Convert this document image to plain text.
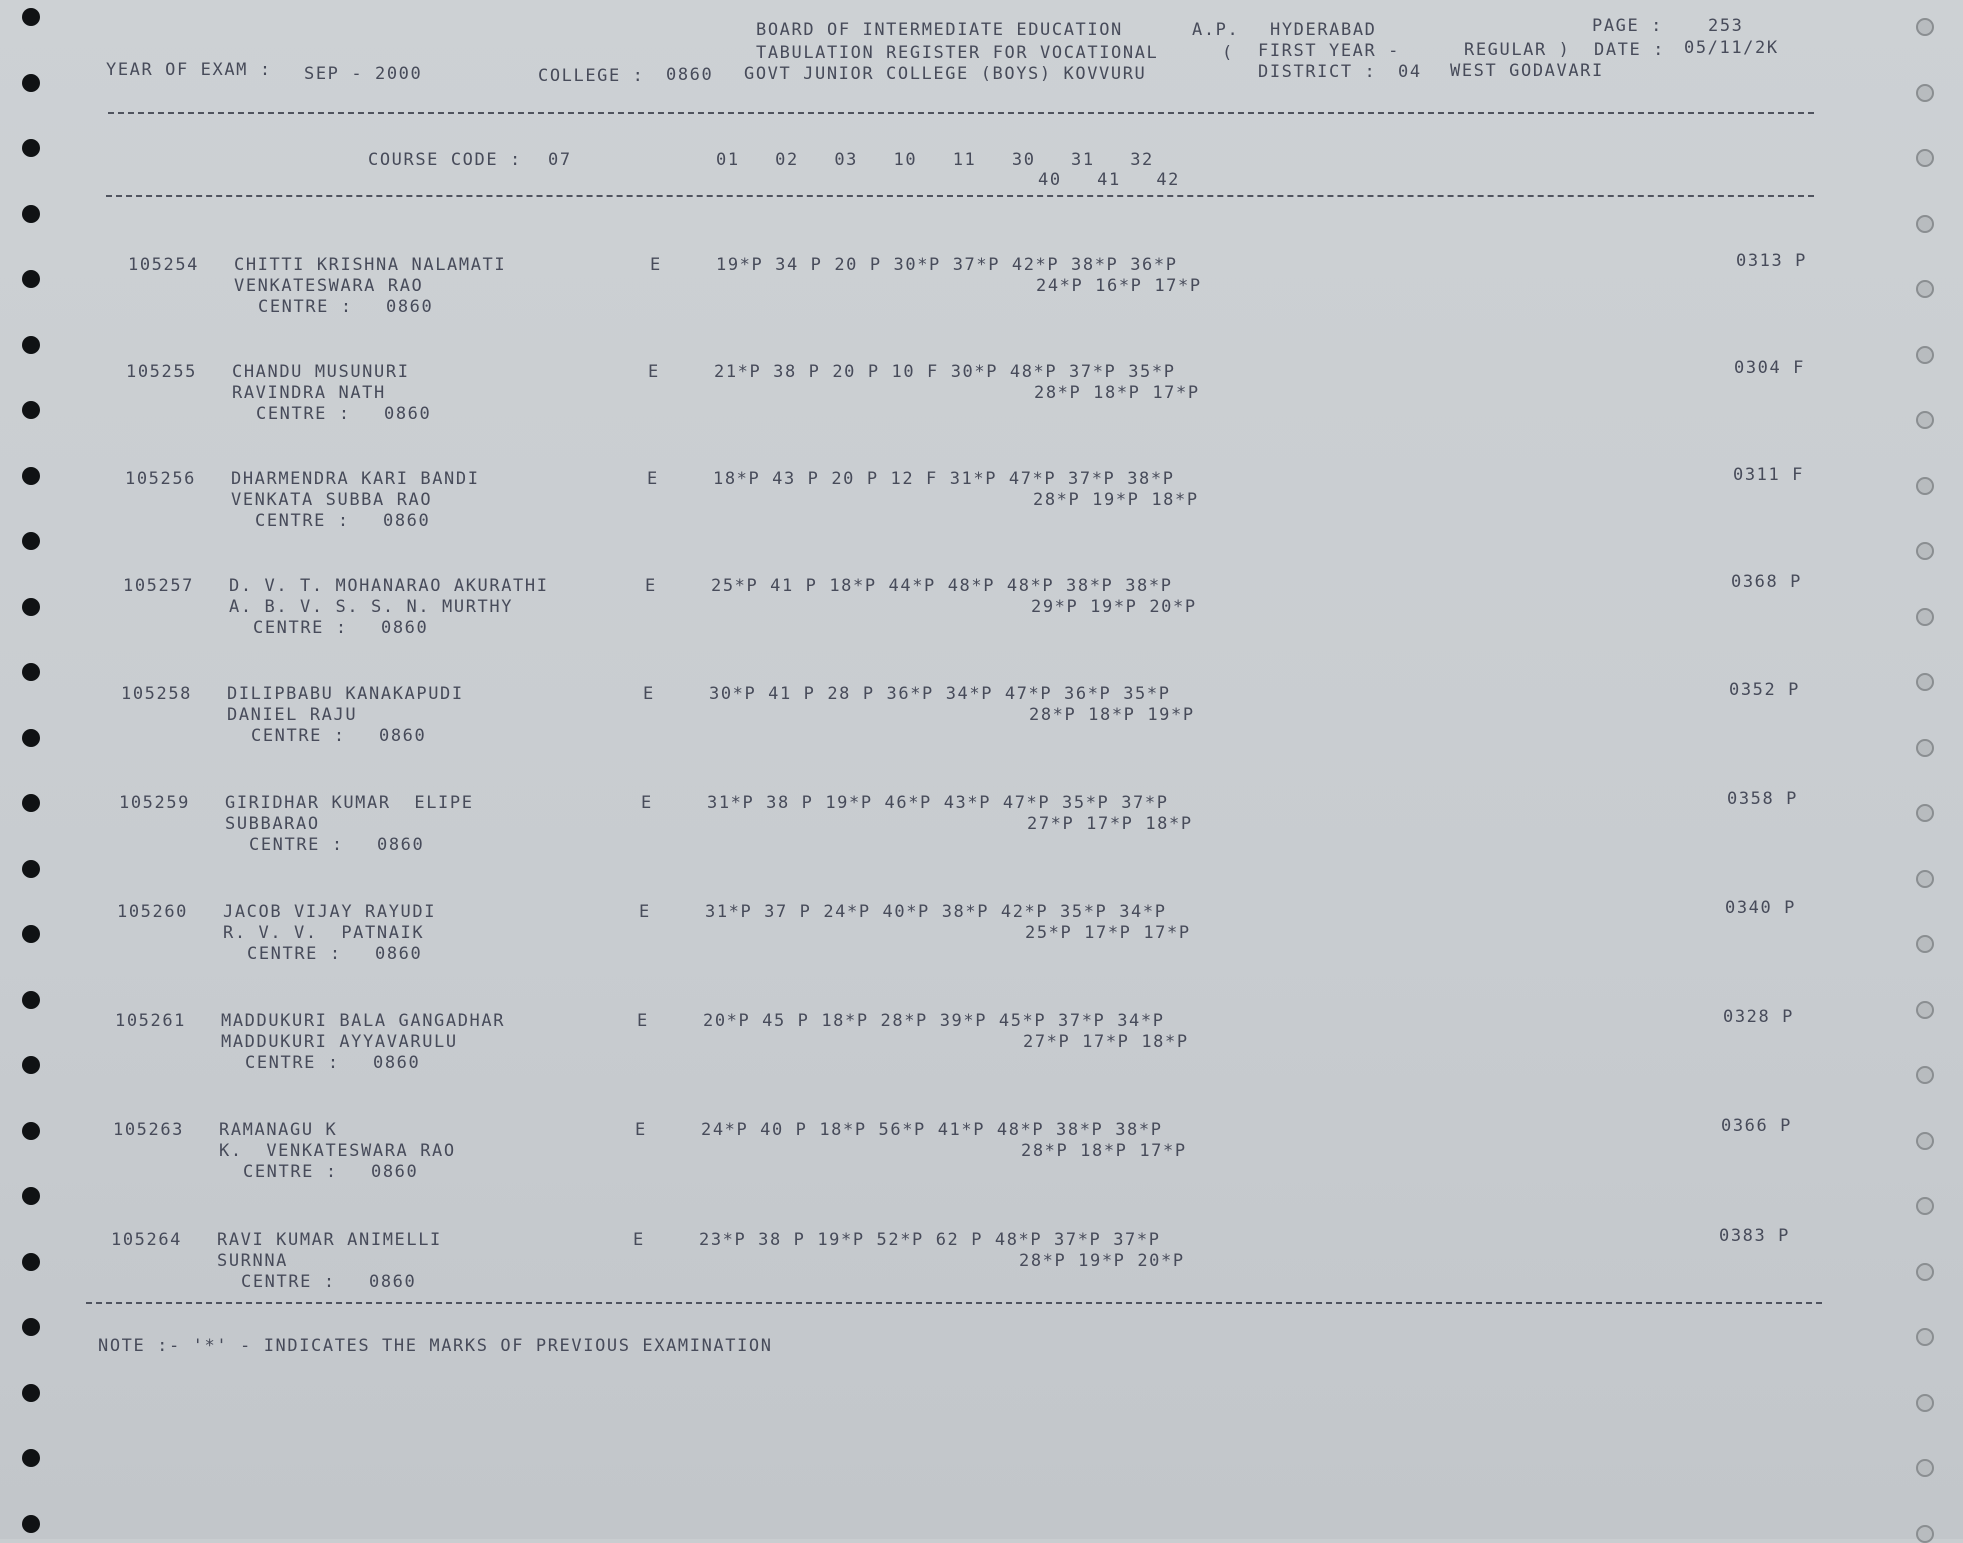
BOARD OF INTERMEDIATE EDUCATION	A.P. HYDERABAD	PAGE :	253
TABULATION REGISTER FOR VOCATIONAL	( FIRST YEAR -	REGULAR ) DATE : 05/11/2K
YEAR OF EXAM : SEP - 2000	COLLEGE : 0860 GOVT JUNIOR COLLEGE (BOYS) KOVVURU	DISTRICT : 04 WEST GODAVARI
COURSE CODE : 07	01   02   03   10   11   30   31   32
40   41   42
105254 CHITTI KRISHNA NALAMATI	E	19*P 34 P 20 P 30*P 37*P 42*P 38*P 36*P	0313 P
VENKATESWARA RAO	24*P 16*P 17*P
CENTRE : 0860
105255 CHANDU MUSUNURI	E	21*P 38 P 20 P 10 F 30*P 48*P 37*P 35*P	0304 F
RAVINDRA NATH	28*P 18*P 17*P
CENTRE : 0860
105256 DHARMENDRA KARI BANDI	E	18*P 43 P 20 P 12 F 31*P 47*P 37*P 38*P	0311 F
VENKATA SUBBA RAO	28*P 19*P 18*P
CENTRE : 0860
105257 D. V. T. MOHANARAO AKURATHI	E	25*P 41 P 18*P 44*P 48*P 48*P 38*P 38*P	0368 P
A. B. V. S. S. N. MURTHY	29*P 19*P 20*P
CENTRE : 0860
105258 DILIPBABU KANAKAPUDI	E	30*P 41 P 28 P 36*P 34*P 47*P 36*P 35*P	0352 P
DANIEL RAJU	28*P 18*P 19*P
CENTRE : 0860
105259 GIRIDHAR KUMAR  ELIPE	E	31*P 38 P 19*P 46*P 43*P 47*P 35*P 37*P	0358 P
SUBBARAO	27*P 17*P 18*P
CENTRE : 0860
105260 JACOB VIJAY RAYUDI	E	31*P 37 P 24*P 40*P 38*P 42*P 35*P 34*P	0340 P
R. V. V.  PATNAIK	25*P 17*P 17*P
CENTRE : 0860
105261 MADDUKURI BALA GANGADHAR	E	20*P 45 P 18*P 28*P 39*P 45*P 37*P 34*P	0328 P
MADDUKURI AYYAVARULU	27*P 17*P 18*P
CENTRE : 0860
105263 RAMANAGU K	E	24*P 40 P 18*P 56*P 41*P 48*P 38*P 38*P	0366 P
K.  VENKATESWARA RAO	28*P 18*P 17*P
CENTRE : 0860
105264 RAVI KUMAR ANIMELLI	E	23*P 38 P 19*P 52*P 62 P 48*P 37*P 37*P	0383 P
SURNNA	28*P 19*P 20*P
CENTRE : 0860
NOTE :- '*' - INDICATES THE MARKS OF PREVIOUS EXAMINATION
